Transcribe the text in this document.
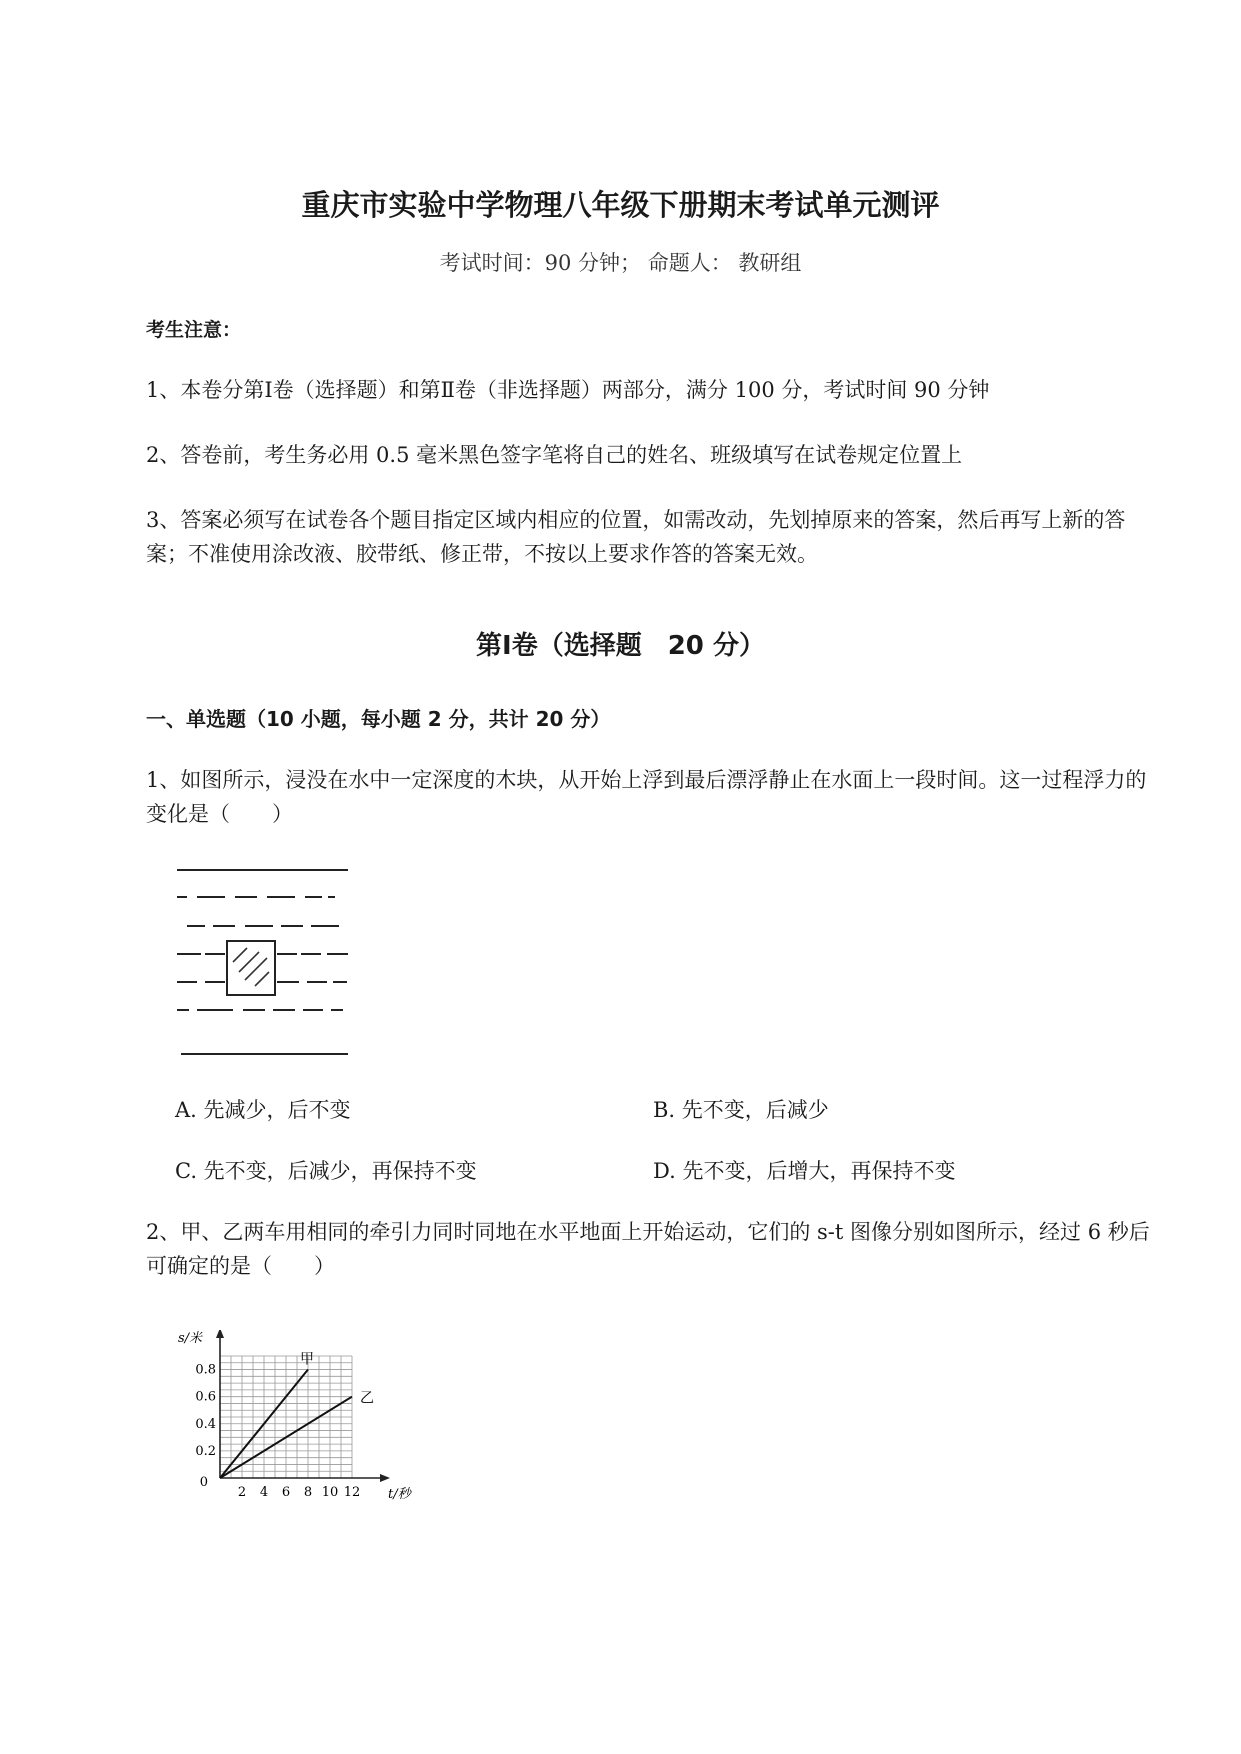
重庆市实验中学物理八年级下册期末考试单元测评
考试时间：90 分钟； 命题人： 教研组
考生注意：
1、本卷分第Ⅰ卷（选择题）和第Ⅱ卷（非选择题）两部分，满分 100 分，考试时间 90 分钟
2、答卷前，考生务必用 0.5 毫米黑色签字笔将自己的姓名、班级填写在试卷规定位置上
3、答案必须写在试卷各个题目指定区域内相应的位置，如需改动，先划掉原来的答案，然后再写上新的答案；不准使用涂改液、胶带纸、修正带，不按以上要求作答的答案无效。
第Ⅰ卷（选择题　20 分）
一、单选题（10 小题，每小题 2 分，共计 20 分）
1、如图所示，浸没在水中一定深度的木块，从开始上浮到最后漂浮静止在水面上一段时间。这一过程浮力的变化是（　　）
A. 先减少，后不变	B. 先不变，后减少
C. 先不变，后减少，再保持不变	D. 先不变，后增大，再保持不变
2、甲、乙两车用相同的牵引力同时同地在水平地面上开始运动，它们的 s-t 图像分别如图所示，经过 6 秒后可确定的是（　　）
2 4 6 8 10 12
0.2
0.4
0.6
0.8
0
s/米
t/秒
甲
乙
